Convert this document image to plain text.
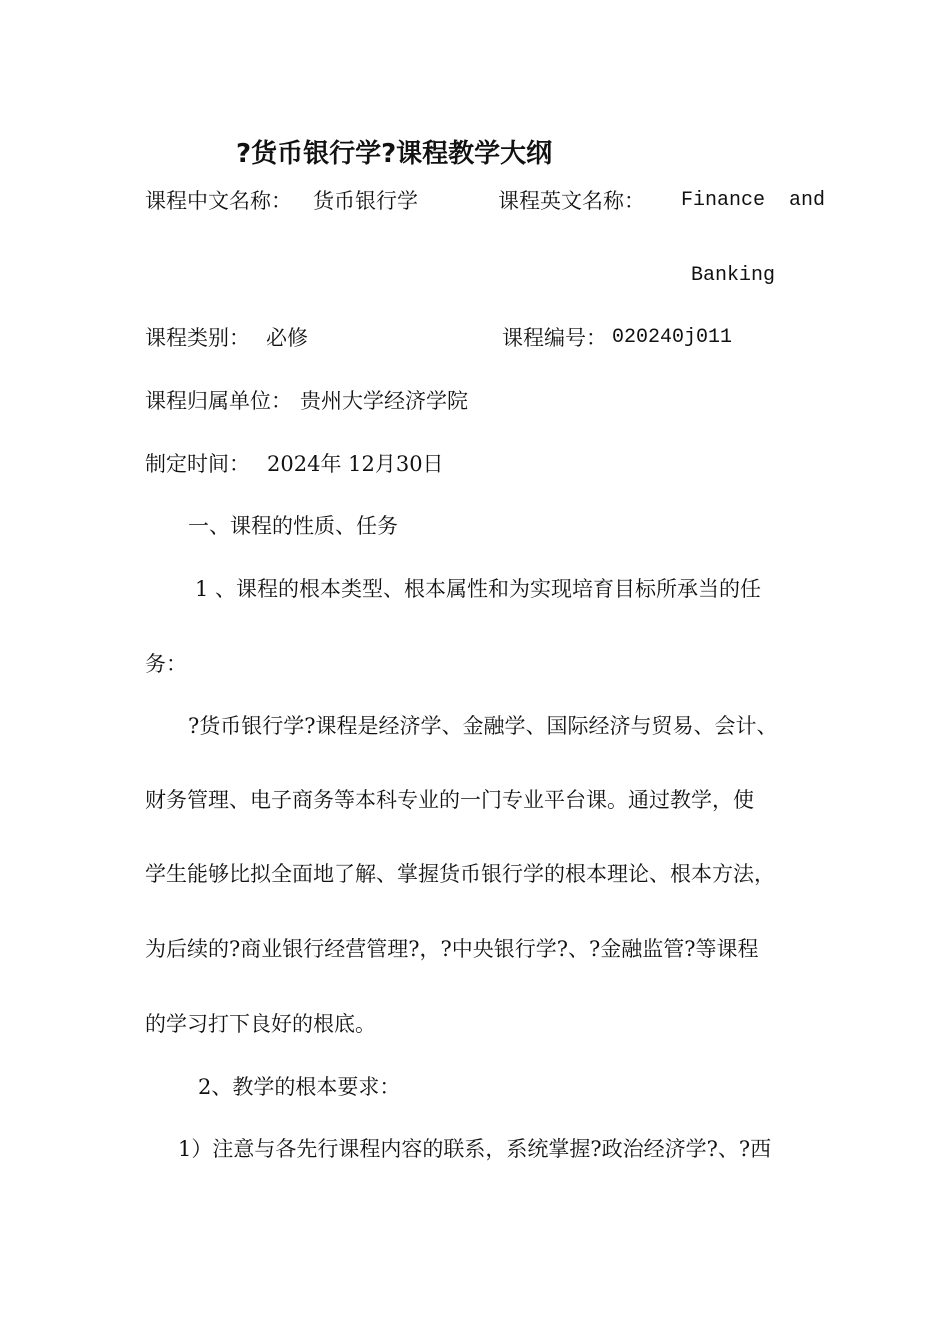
?货币银行学?课程教学大纲
课程中文名称： 货币银行学	课程英文名称： Finance  and
Banking
课程类别： 必修	课程编号： 020240j011
课程归属单位： 贵州大学经济学院
制定时间： 2024年 12月30日
一、课程的性质、任务
1 、课程的根本类型、根本属性和为实现培育目标所承当的任
务：
?货币银行学?课程是经济学、金融学、国际经济与贸易、会计、
财务管理、电子商务等本科专业的一门专业平台课。通过教学，使
学生能够比拟全面地了解、掌握货币银行学的根本理论、根本方法，
为后续的?商业银行经营管理?，?中央银行学?、?金融监管?等课程
的学习打下良好的根底。
2、教学的根本要求：
1）注意与各先行课程内容的联系，系统掌握?政治经济学?、?西
